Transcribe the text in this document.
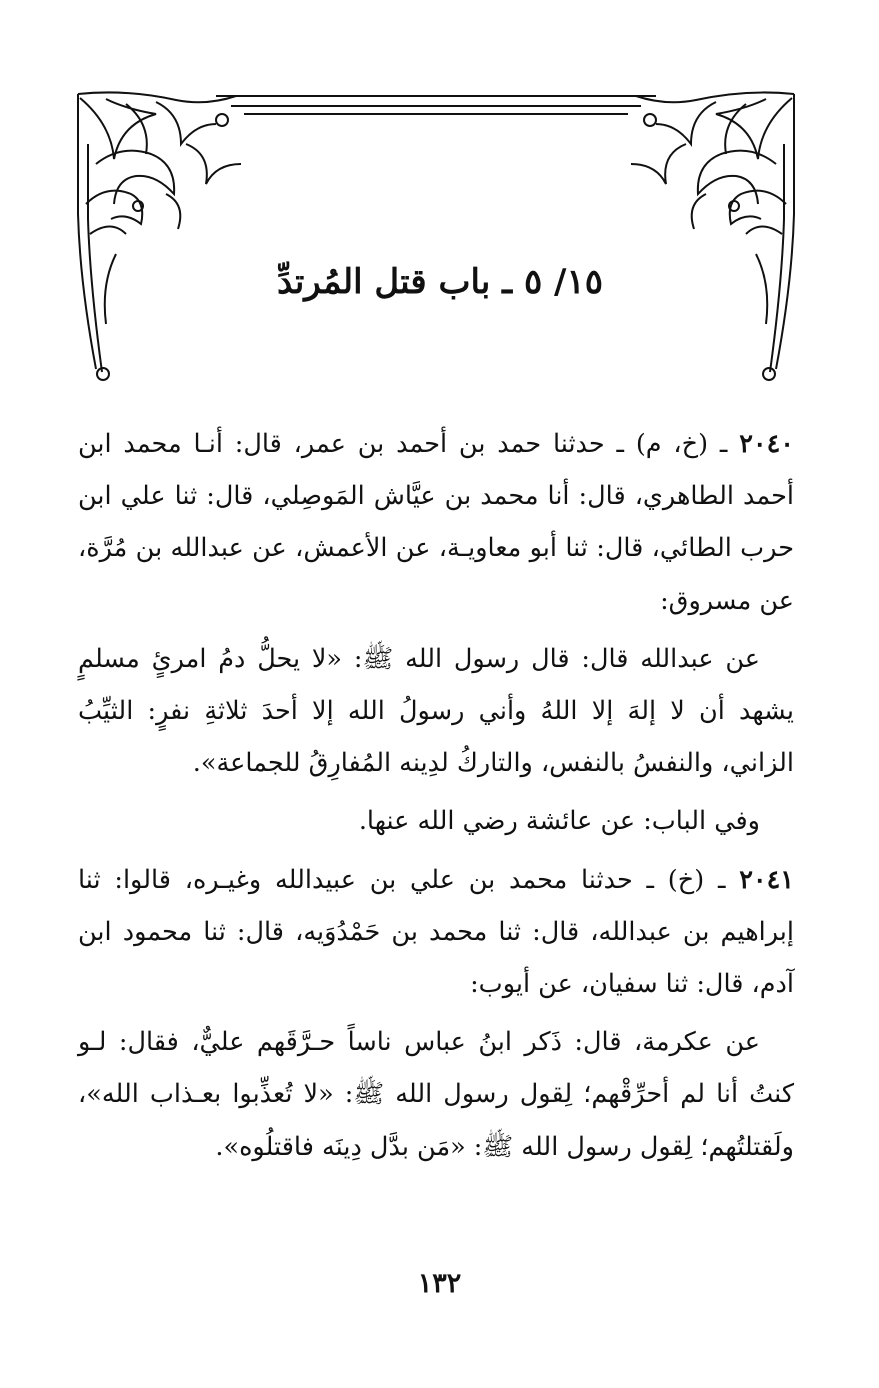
١٥/ ٥ ـ باب قتل المُرتدِّ

٢٠٤٠ ـ (خ، م) ـ حدثنا حمد بن أحمد بن عمر، قال: أنـا محمد ابن أحمد الطاهري، قال: أنا محمد بن عيَّاش المَوصِلي، قال: ثنا علي ابن حرب الطائي، قال: ثنا أبو معاويـة، عن الأعمش، عن عبدالله بن مُرَّة، عن مسروق:

عن عبدالله قال: قال رسول الله ﷺ: «لا يحلُّ دمُ امرئٍ مسلمٍ يشهد أن لا إلهَ إلا اللهُ وأني رسولُ الله إلا أحدَ ثلاثةِ نفرٍ: الثيِّبُ الزاني، والنفسُ بالنفس، والتاركُ لدِينه المُفارِقُ للجماعة».

وفي الباب: عن عائشة رضي الله عنها.

٢٠٤١ ـ (خ) ـ حدثنا محمد بن علي بن عبيدالله وغيـره، قالوا: ثنا إبراهيم بن عبدالله، قال: ثنا محمد بن حَمْدُوَيه، قال: ثنا محمود ابن آدم، قال: ثنا سفيان، عن أيوب:

عن عكرمة، قال: ذَكر ابنُ عباس ناساً حـرَّقَهم عليٌّ، فقال: لـو كنتُ أنا لم أحرِّقْهم؛ لِقول رسول الله ﷺ: «لا تُعذِّبوا بعـذاب الله»، ولَقتلتُهم؛ لِقول رسول الله ﷺ: «مَن بدَّل دِينَه فاقتلُوه».

١٣٢
